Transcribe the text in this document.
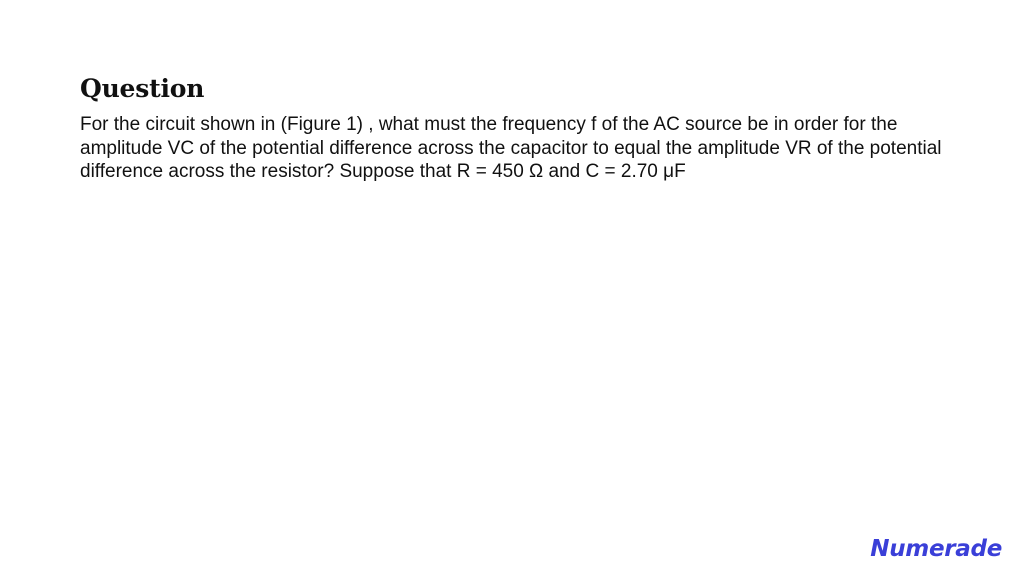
Question

For the circuit shown in (Figure 1) , what must the frequency f of the AC source be in order for the amplitude VC of the potential difference across the capacitor to equal the amplitude VR of the potential difference across the resistor? Suppose that R = 450 Ω and C = 2.70 μF

Numerade
